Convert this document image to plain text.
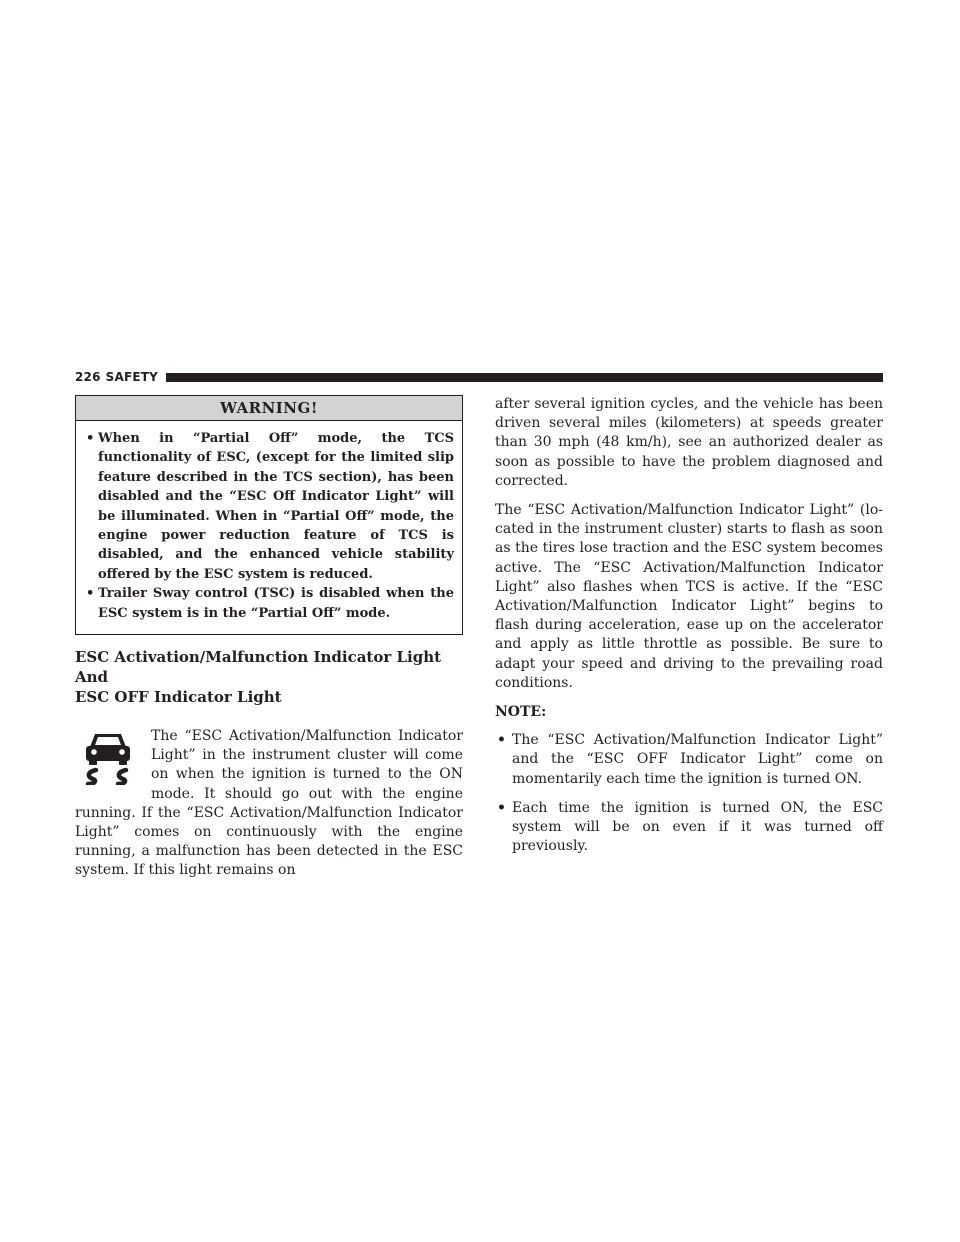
226 SAFETY
WARNING!
• When in “Partial Off” mode, the TCS functionality of ESC, (except for the limited slip feature described in the TCS section), has been disabled and the “ESC Off Indicator Light” will be illuminated. When in “Partial Off” mode, the engine power reduction feature of TCS is disabled, and the enhanced vehicle stability offered by the ESC system is reduced.
• Trailer Sway control (TSC) is disabled when the ESC system is in the “Partial Off” mode.
ESC Activation/Malfunction Indicator Light And
ESC OFF Indicator Light
The “ESC Activation/Malfunction Indicator Light” in the instrument cluster will come on when the ignition is turned to the ON mode. It should go out with the engine running. If the “ESC Activation/Malfunction Indicator Light” comes on continuously with the engine running, a malfunction has been detected in the ESC system. If this light remains on

after several ignition cycles, and the vehicle has been driven several miles (kilometers) at speeds greater than 30 mph (48 km/h), see an authorized dealer as soon as possible to have the problem diagnosed and corrected.

The “ESC Activation/Malfunction Indicator Light” (lo-cated in the instrument cluster) starts to flash as soon as the tires lose traction and the ESC system becomes active. The “ESC Activation/Malfunction Indicator Light” also flashes when TCS is active. If the “ESC Activation/Malfunction Indicator Light” begins to flash during acceleration, ease up on the accelerator and apply as little throttle as possible. Be sure to adapt your speed and driving to the prevailing road conditions.

NOTE:

• The “ESC Activation/Malfunction Indicator Light” and the “ESC OFF Indicator Light” come on momentarily each time the ignition is turned ON.
• Each time the ignition is turned ON, the ESC system will be on even if it was turned off previously.
